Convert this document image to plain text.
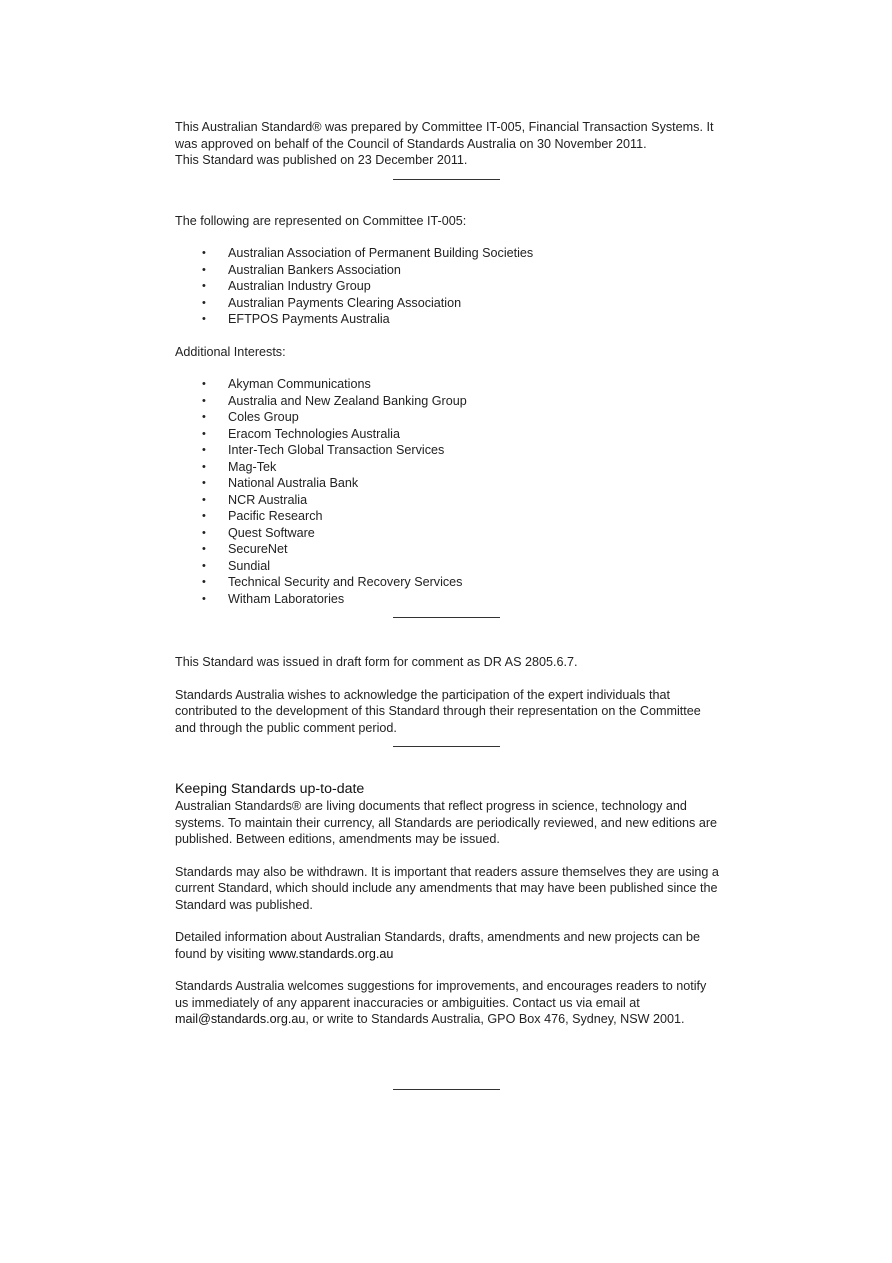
This Australian Standard® was prepared by Committee IT-005, Financial Transaction Systems. It was approved on behalf of the Council of Standards Australia on 30 November 2011.

This Standard was published on 23 December 2011.

The following are represented on Committee IT-005:

• Australian Association of Permanent Building Societies
• Australian Bankers Association
• Australian Industry Group
• Australian Payments Clearing Association
• EFTPOS Payments Australia

Additional Interests:

• Akyman Communications
• Australia and New Zealand Banking Group
• Coles Group
• Eracom Technologies Australia
• Inter-Tech Global Transaction Services
• Mag-Tek
• National Australia Bank
• NCR Australia
• Pacific Research
• Quest Software
• SecureNet
• Sundial
• Technical Security and Recovery Services
• Witham Laboratories

This Standard was issued in draft form for comment as DR AS 2805.6.7.

Standards Australia wishes to acknowledge the participation of the expert individuals that contributed to the development of this Standard through their representation on the Committee and through the public comment period.

Keeping Standards up-to-date

Australian Standards® are living documents that reflect progress in science, technology and systems. To maintain their currency, all Standards are periodically reviewed, and new editions are published. Between editions, amendments may be issued.

Standards may also be withdrawn. It is important that readers assure themselves they are using a current Standard, which should include any amendments that may have been published since the Standard was published.

Detailed information about Australian Standards, drafts, amendments and new projects can be found by visiting www.standards.org.au

Standards Australia welcomes suggestions for improvements, and encourages readers to notify us immediately of any apparent inaccuracies or ambiguities. Contact us via email at mail@standards.org.au, or write to Standards Australia, GPO Box 476, Sydney, NSW 2001.
